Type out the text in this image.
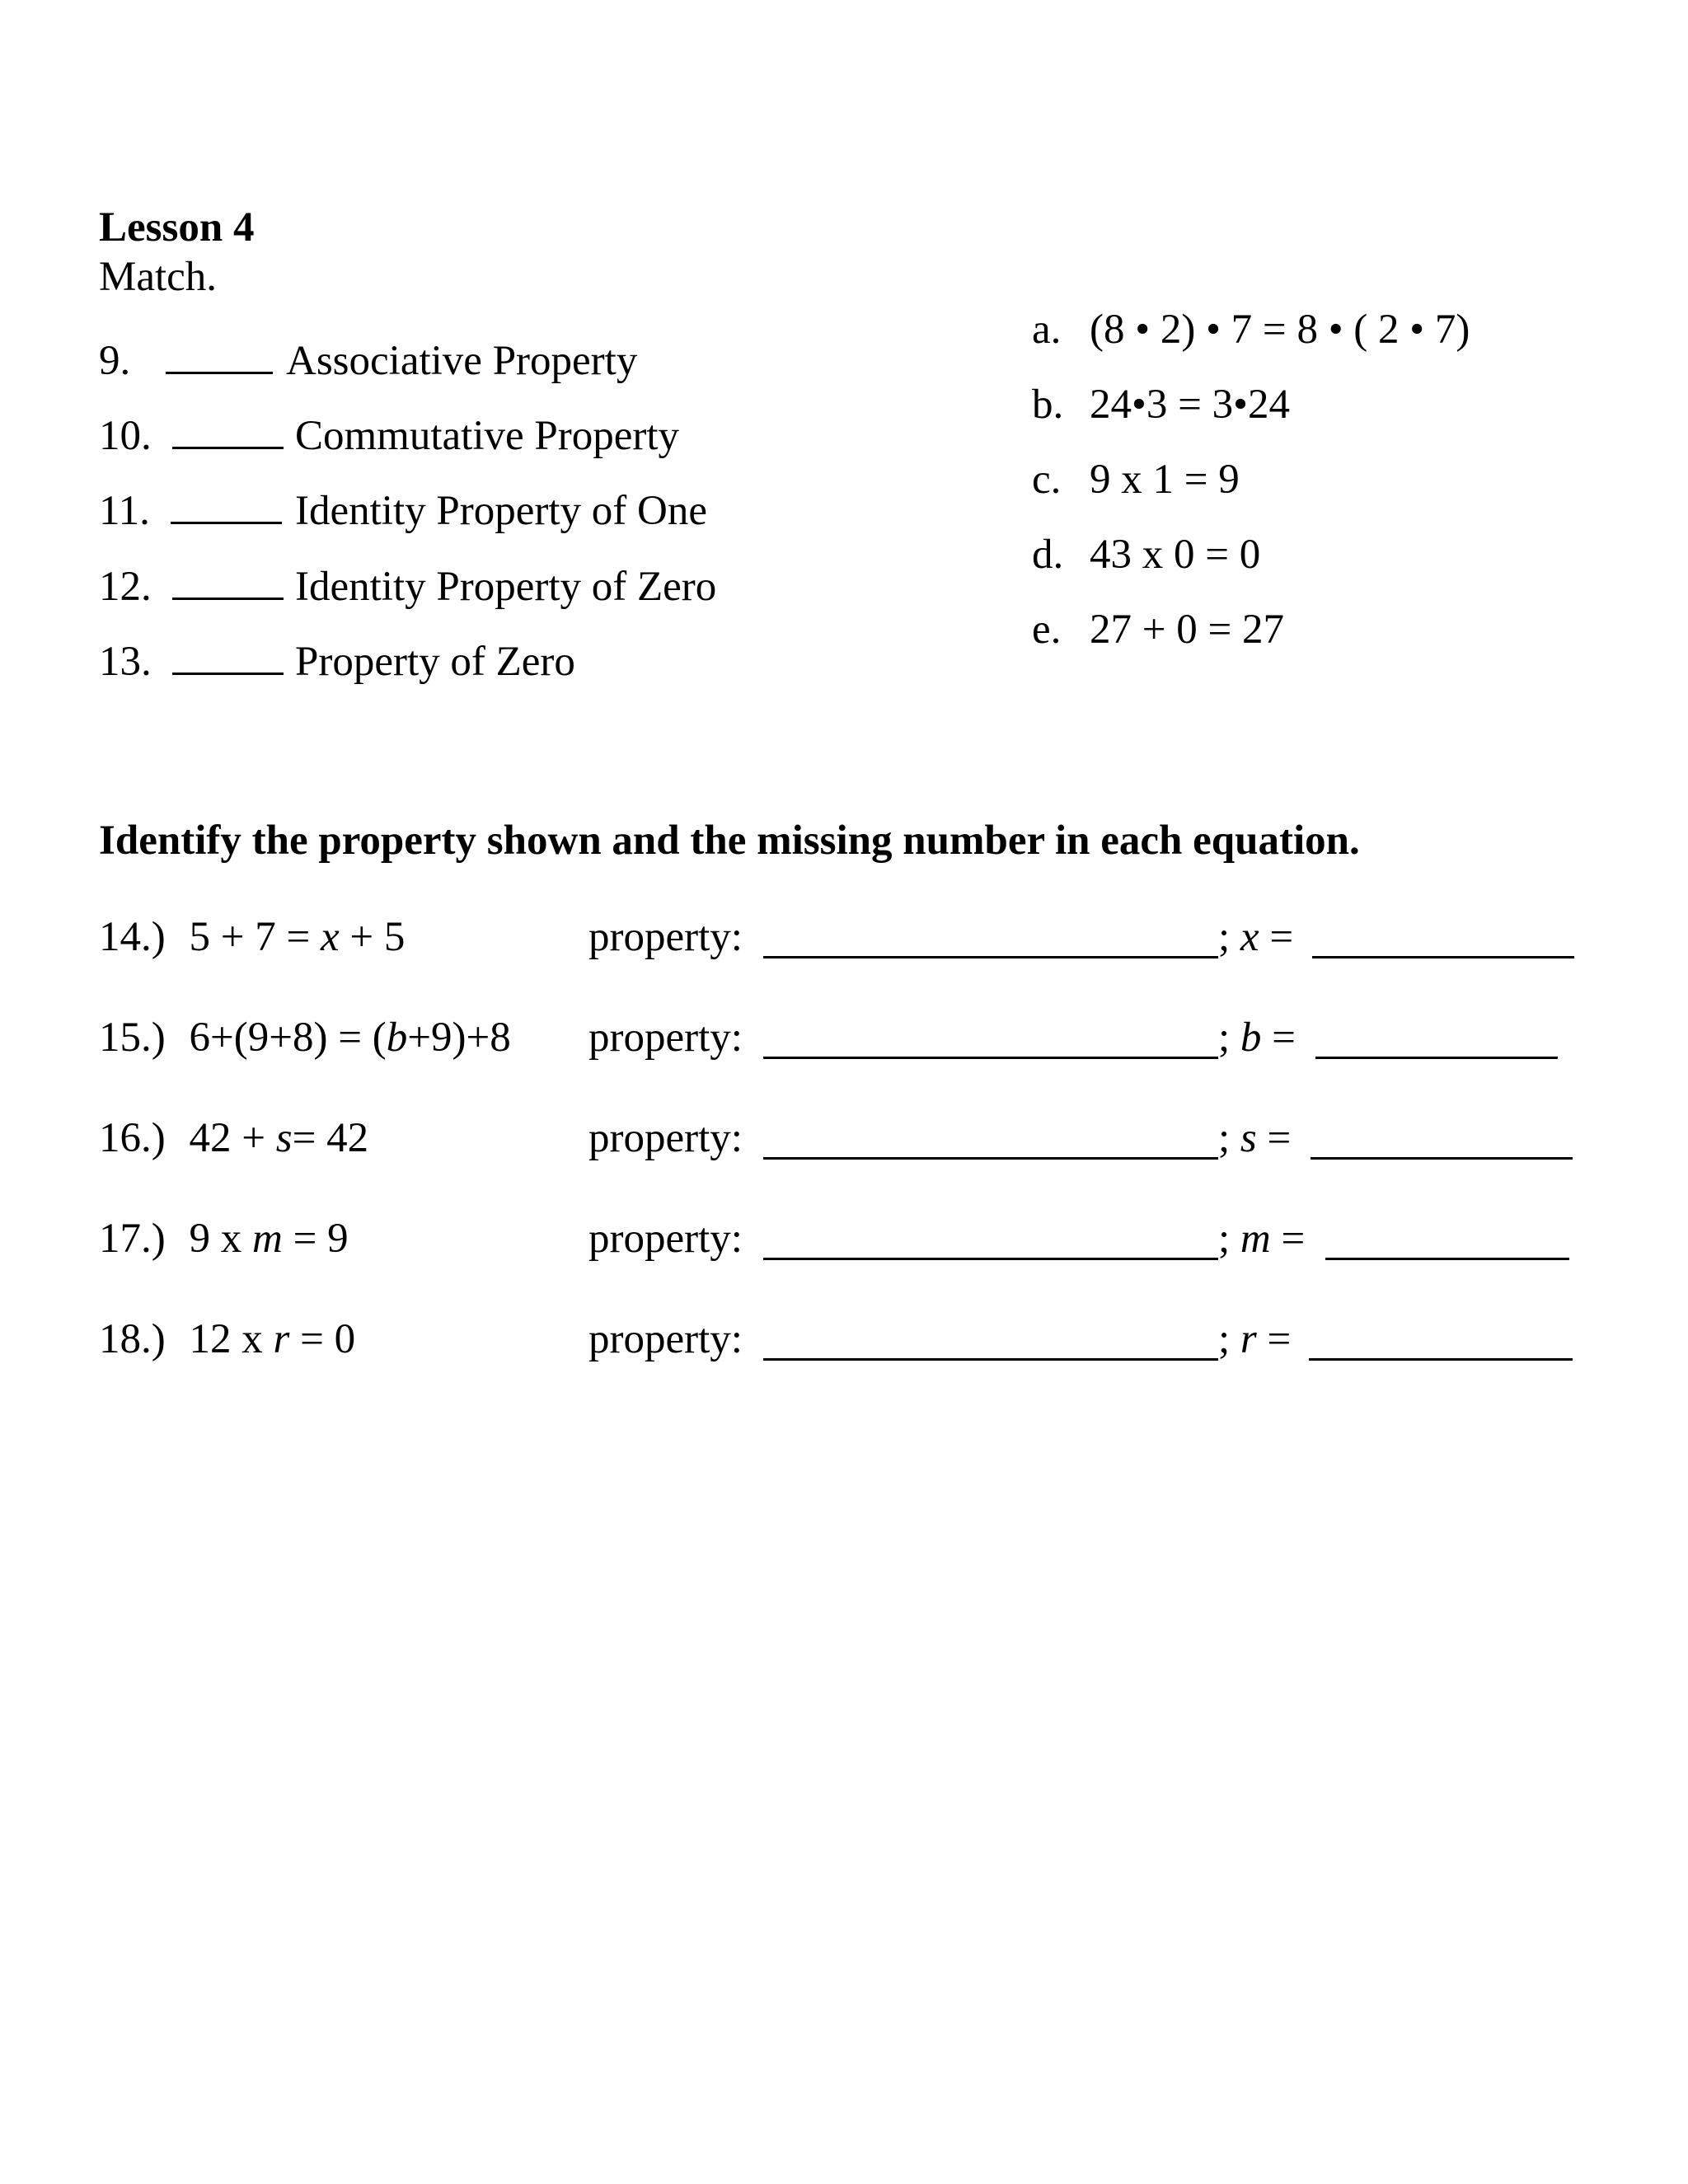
Lesson 4
Match.
9.	Associative Property
10.	Commutative Property
11.	Identity Property of One
12.	Identity Property of Zero
13.	Property of Zero
a. (8 • 2) • 7 = 8 • ( 2 • 7)
b. 24•3 = 3•24
c. 9 x 1 = 9
d. 43 x 0 = 0
e. 27 + 0 = 27
Identify the property shown and the missing number in each equation.
14.) 5 + 7 = x + 5	property:	; x =
15.) 6+(9+8) = (b+9)+8 property:	; b =
16.) 42 + s= 42	property:	; s =
17.) 9 x m = 9	property:	; m =
18.) 12 x r = 0	property:	; r =
